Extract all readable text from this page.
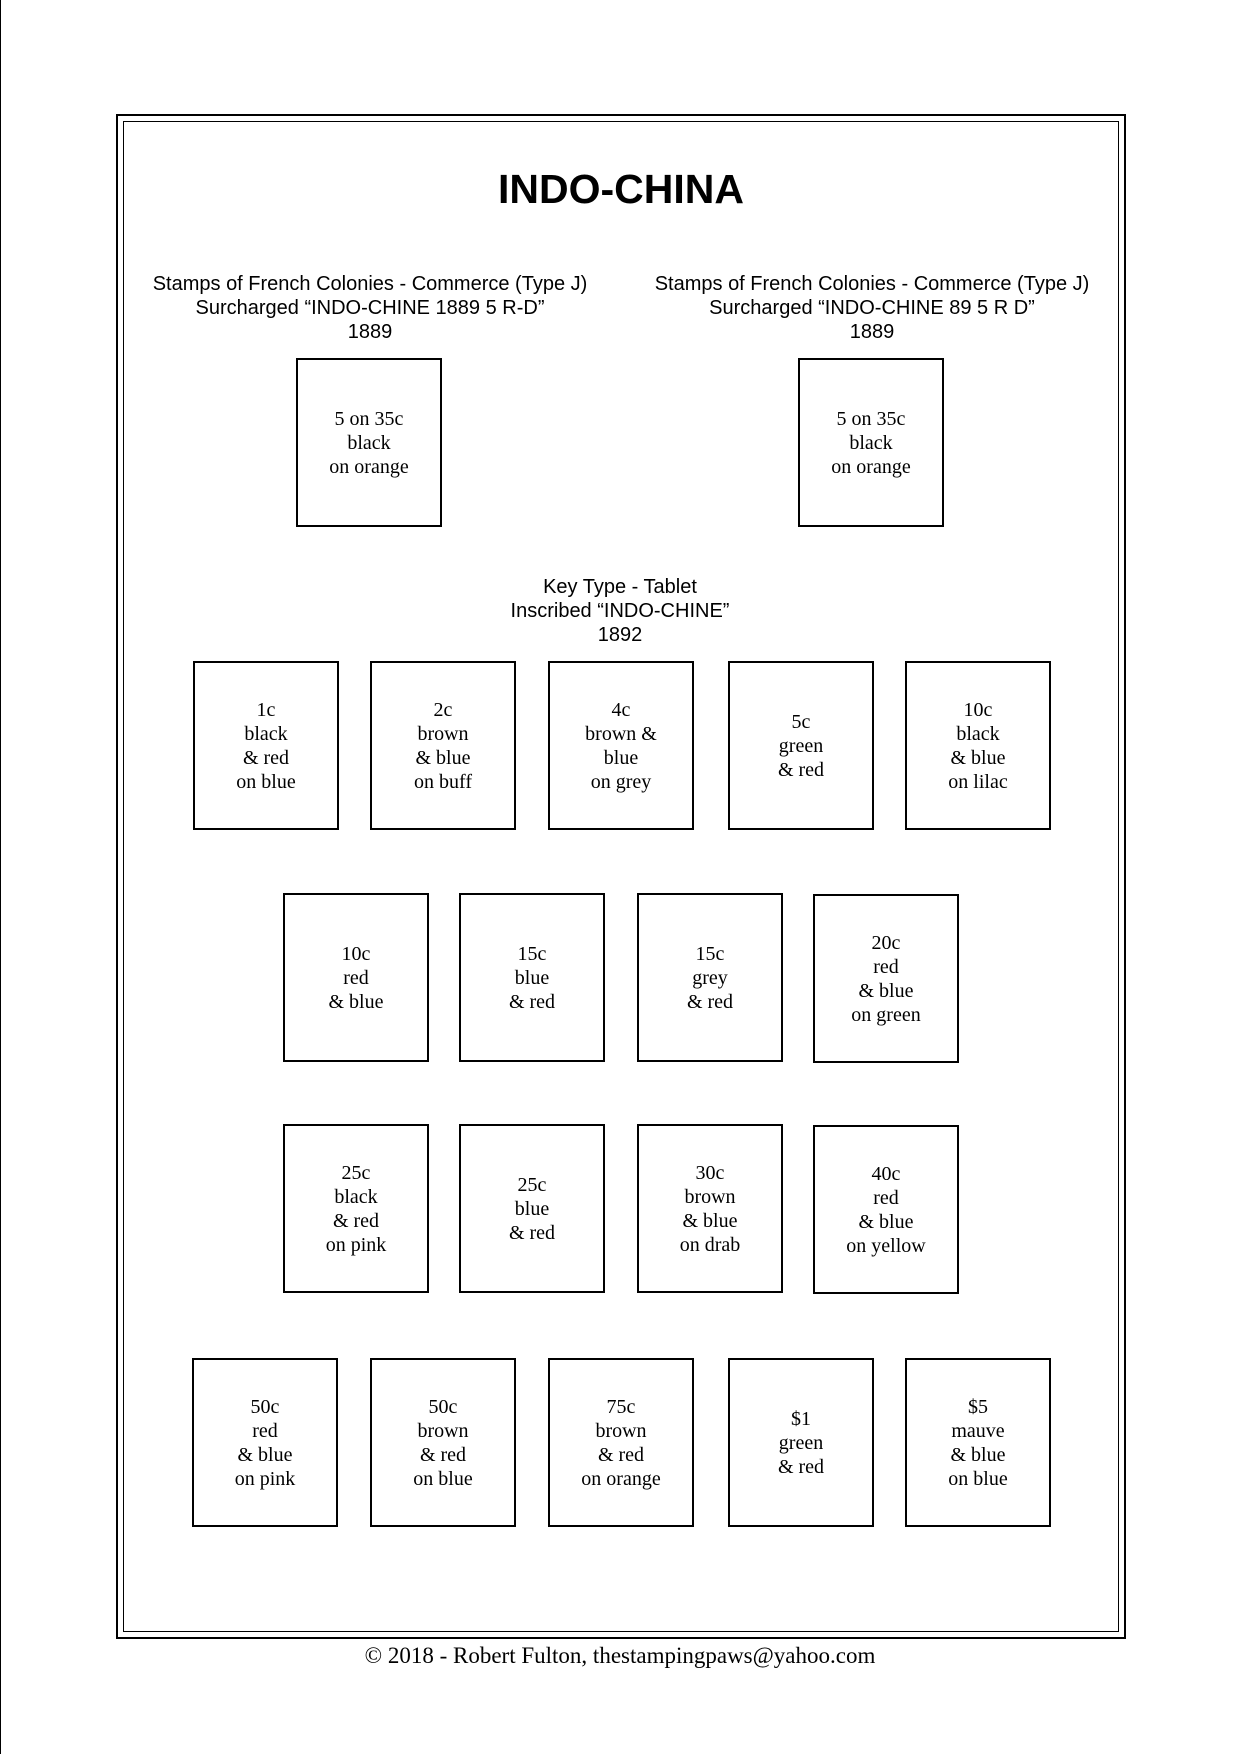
INDO-CHINA
Stamps of French Colonies - Commerce (Type J)
Surcharged “INDO-CHINE 1889 5 R-D”
1889
Stamps of French Colonies - Commerce (Type J)
Surcharged “INDO-CHINE 89 5 R D”
1889
5 on 35c
black
on orange
5 on 35c
black
on orange
Key Type - Tablet
Inscribed “INDO-CHINE”
1892
1c
black
& red
on blue
2c
brown
& blue
on buff
4c
brown &
blue
on grey
5c
green
& red
10c
black
& blue
on lilac
10c
red
& blue
15c
blue
& red
15c
grey
& red
20c
red
& blue
on green
25c
black
& red
on pink
25c
blue
& red
30c
brown
& blue
on drab
40c
red
& blue
on yellow
50c
red
& blue
on pink
50c
brown
& red
on blue
75c
brown
& red
on orange
$1
green
& red
$5
mauve
& blue
on blue
© 2018 - Robert Fulton, thestampingpaws@yahoo.com
